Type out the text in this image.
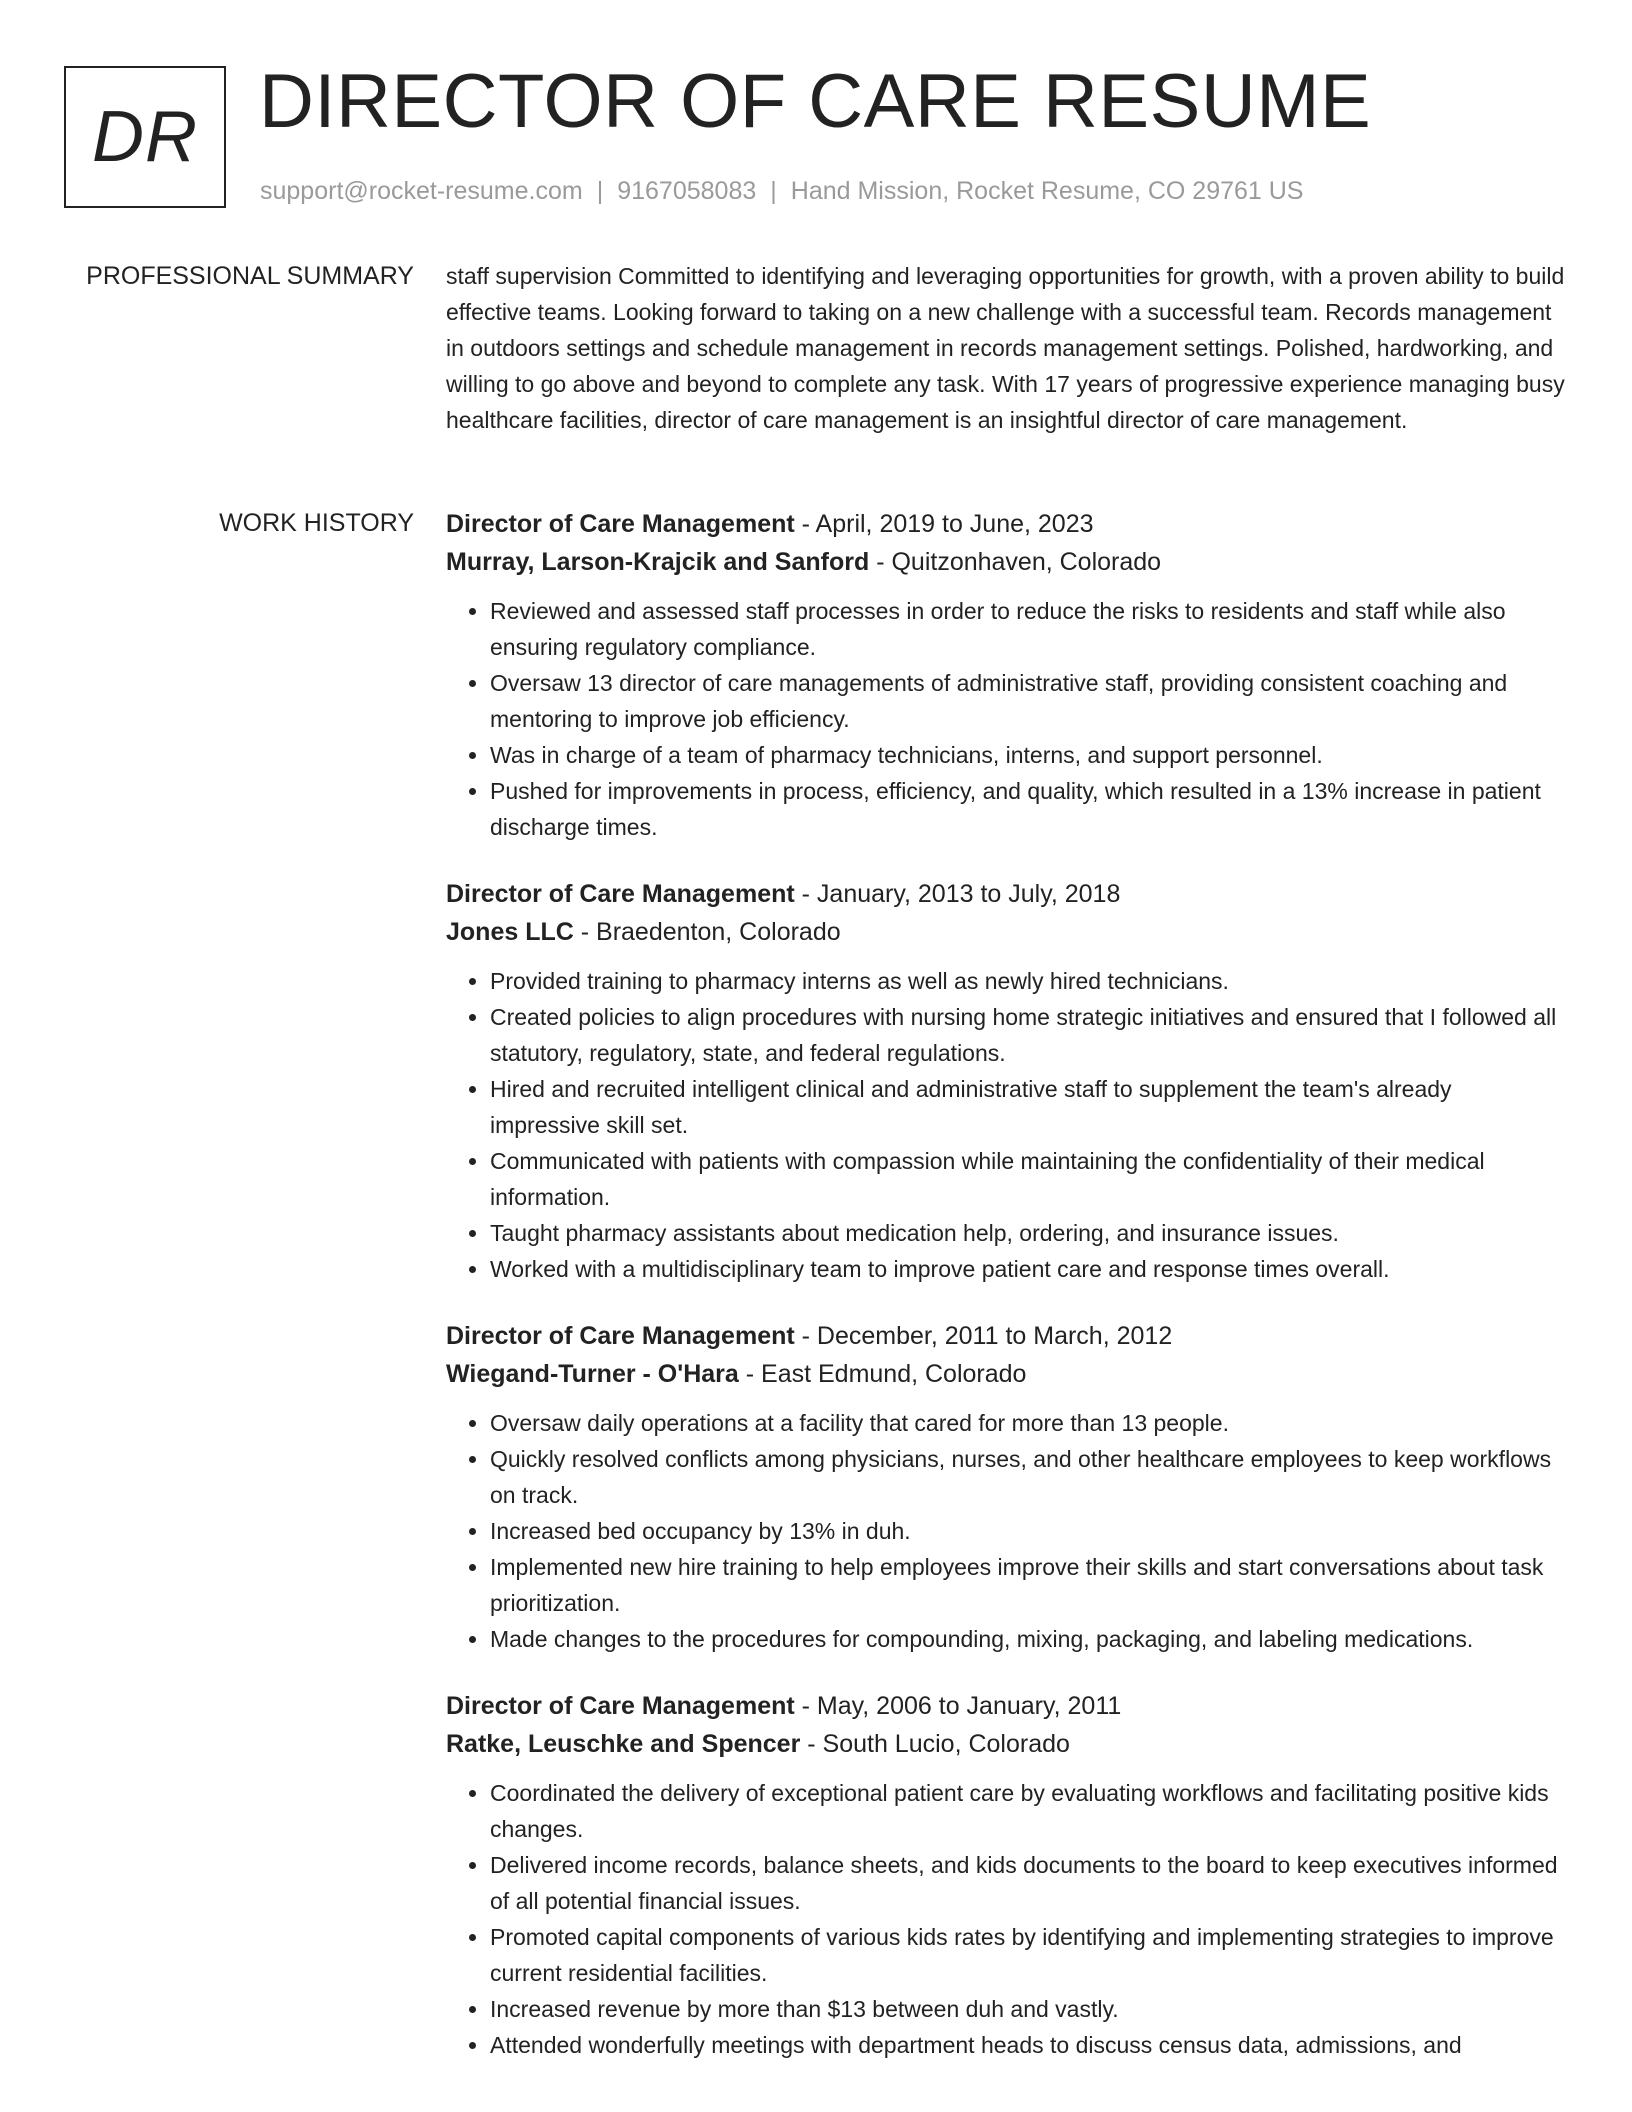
DR DIRECTOR OF CARE RESUME
support@rocket-resume.com | 9167058083 | Hand Mission, Rocket Resume, CO 29761 US
PROFESSIONAL SUMMARY staff supervision Committed to identifying and leveraging opportunities for growth, with a proven ability to build effective teams. Looking forward to taking on a new challenge with a successful team. Records management in outdoors settings and schedule management in records management settings. Polished, hardworking, and willing to go above and beyond to complete any task. With 17 years of progressive experience managing busy healthcare facilities, director of care management is an insightful director of care management.

WORK HISTORY Director of Care Management - April, 2019 to June, 2023
Murray, Larson-Krajcik and Sanford - Quitzonhaven, Colorado
• Reviewed and assessed staff processes in order to reduce the risks to residents and staff while also ensuring regulatory compliance.
• Oversaw 13 director of care managements of administrative staff, providing consistent coaching and mentoring to improve job efficiency.
• Was in charge of a team of pharmacy technicians, interns, and support personnel.
• Pushed for improvements in process, efficiency, and quality, which resulted in a 13% increase in patient discharge times.
Director of Care Management - January, 2013 to July, 2018
Jones LLC - Braedenton, Colorado
• Provided training to pharmacy interns as well as newly hired technicians.
• Created policies to align procedures with nursing home strategic initiatives and ensured that I followed all statutory, regulatory, state, and federal regulations.
• Hired and recruited intelligent clinical and administrative staff to supplement the team's already impressive skill set.
• Communicated with patients with compassion while maintaining the confidentiality of their medical information.
• Taught pharmacy assistants about medication help, ordering, and insurance issues.
• Worked with a multidisciplinary team to improve patient care and response times overall.
Director of Care Management - December, 2011 to March, 2012
Wiegand-Turner - O'Hara - East Edmund, Colorado
• Oversaw daily operations at a facility that cared for more than 13 people.
• Quickly resolved conflicts among physicians, nurses, and other healthcare employees to keep workflows on track.
• Increased bed occupancy by 13% in duh.
• Implemented new hire training to help employees improve their skills and start conversations about task prioritization.
• Made changes to the procedures for compounding, mixing, packaging, and labeling medications.
Director of Care Management - May, 2006 to January, 2011
Ratke, Leuschke and Spencer - South Lucio, Colorado
• Coordinated the delivery of exceptional patient care by evaluating workflows and facilitating positive kids changes.
• Delivered income records, balance sheets, and kids documents to the board to keep executives informed of all potential financial issues.
• Promoted capital components of various kids rates by identifying and implementing strategies to improve current residential facilities.
• Increased revenue by more than $13 between duh and vastly.
• Attended wonderfully meetings with department heads to discuss census data, admissions, and
